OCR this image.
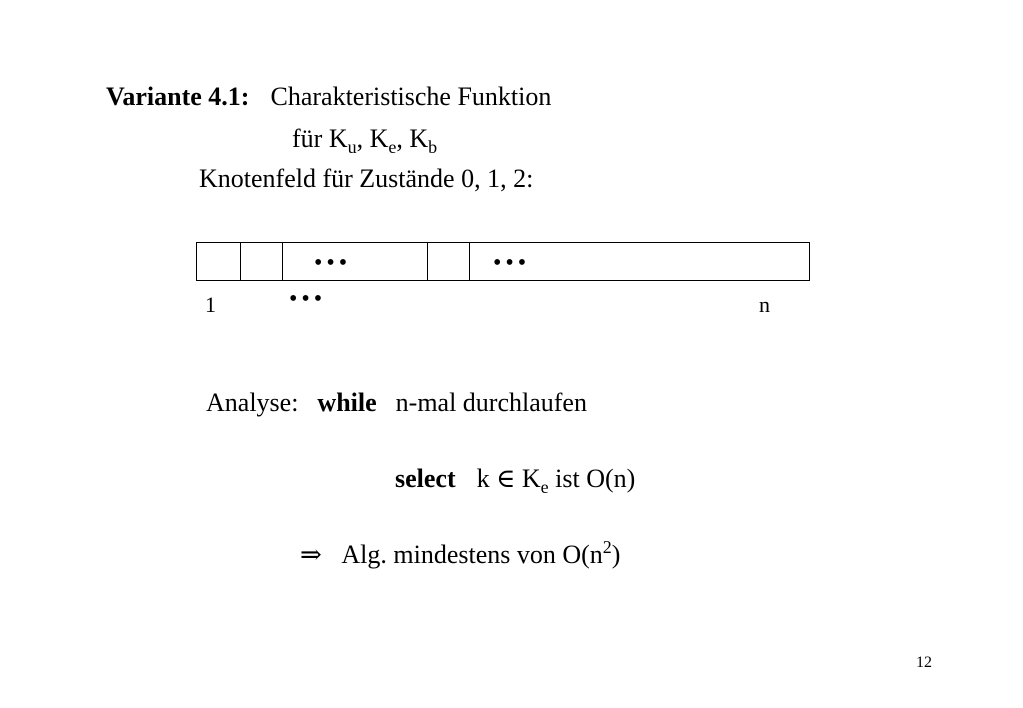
Variante 4.1: Charakteristische Funktion
für $K_u$, $K_e$, $K_b$
Knotenfeld für Zustände 0, 1, 2:
•••	•••
•••
1	n
Analyse: while n-mal durchlaufen
select k ∈ $K_e$ ist O(n)
⇒ Alg. mindestens von $O(n^2)$
12
